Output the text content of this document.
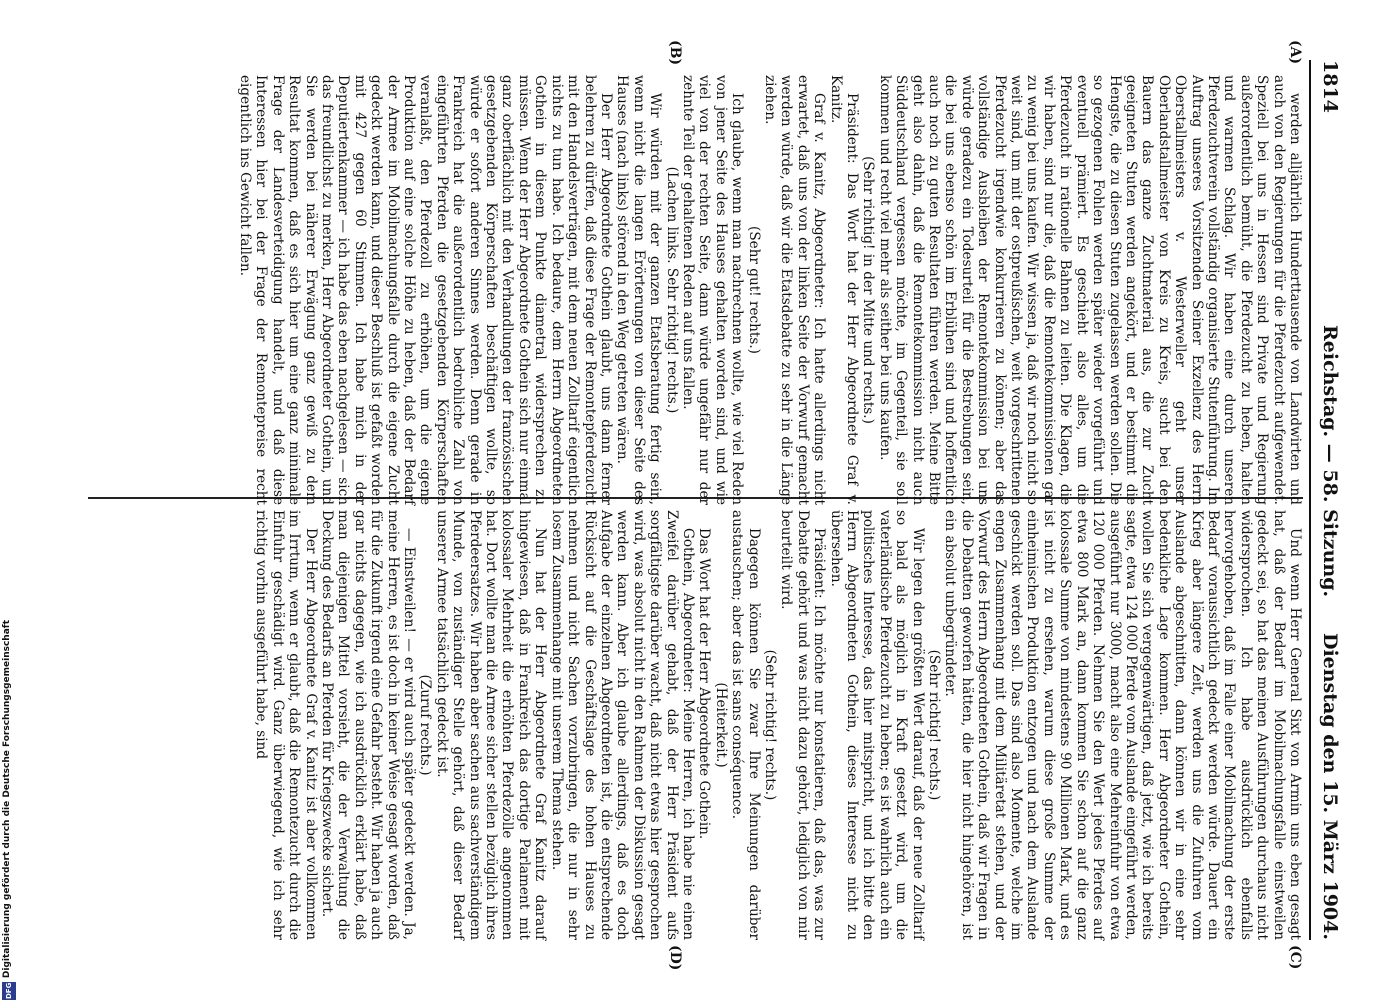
1814
Reichstag. — 58. Sitzung.
Dienstag den 15. März 1904.
(A)
(B)
(C)
(D)

werden alljährlich Hunderttausende von Landwirten und auch von den Regierungen für die Pferdezucht aufgewendet. Speziell bei uns in Hessen sind Private und Regierung außerordentlich bemüht, die Pferdezucht zu heben, halten und warmen Schlag. Wir haben eine durch unseren Pferdezuchtverein vollständig organisierte Stutenführung. Im Auftrag unseres Vorsitzenden Seiner Exzellenz des Herrn Oberstallmeisters v. Westerweller geht unser Oberlandstallmeister von Kreis zu Kreis, sucht bei den Bauern das ganze Zuchtmaterial aus, die zur Zucht geeigneten Stuten werden angekört, und er bestimmt die Hengste, die zu diesen Stuten zugelassen werden sollen. Die so gezogenen Fohlen werden später wieder vorgeführt und eventuell prämiert. Es geschieht also alles, um die Pferdezucht in rationelle Bahnen zu leiten. Die Klagen, die wir haben, sind nur die, daß die Remontekommissionen gar zu wenig bei uns kaufen. Wir wissen ja, daß wir noch nicht so weit sind, um mit der ostpreußischen, weit vorgeschrittenen Pferdezucht irgendwie konkurrieren zu können; aber das vollständige Ausbleiben der Remontekommission bei uns würde geradezu ein Todesurteil für die Bestrebungen sein, die bei uns ebenso schön im Erblühen sind und hoffentlich auch noch zu guten Resultaten führen werden. Meine Bitte geht also dahin, daß die Remontekommission nicht auch Süddeutschland vergessen möchte, im Gegenteil, sie soll kommen und recht viel mehr als seither bei uns kaufen.

(Sehr richtig! in der Mitte und rechts.)

Präsident: Das Wort hat der Herr Abgeordnete Graf v. Kanitz.

Graf v. Kanitz, Abgeordneter: Ich hatte allerdings nicht erwartet, daß uns von der linken Seite der Vorwurf gemacht werden würde, daß wir die Etatsdebatte zu sehr in die Länge ziehen.

(Sehr gut! rechts.)

Ich glaube, wenn man nachrechnen wollte, wie viel Reden von jener Seite des Hauses gehalten worden sind, und wie viel von der rechten Seite, dann würde ungefähr nur der zehnte Teil der gehaltenen Reden auf uns fallen.

(Lachen links. Sehr richtig! rechts.)

Wir würden mit der ganzen Etatsberatung fertig sein, wenn nicht die langen Erörterungen von dieser Seite des Hauses (nach links) störend in den Weg getreten wären.

Der Herr Abgeordnete Gothein glaubt, uns dann ferner belehren zu dürfen, daß diese Frage der Remontepferdezucht mit den Handelsverträgen, mit dem neuen Zolltarif eigentlich nichts zu tun habe. Ich bedaure, dem Herrn Abgeordneten Gothein in diesem Punkte diametral widersprechen zu müssen. Wenn der Herr Abgeordnete Gothein sich nur einmal ganz oberflächlich mit den Verhandlungen der französischen gesetzgebenden Körperschaften beschäftigen wollte, so würde er sofort anderen Sinnes werden. Denn gerade in Frankreich hat die außerordentlich bedrohliche Zahl von eingeführten Pferden die gesetzgebenden Körperschaften veranlaßt, den Pferdezoll zu erhöhen, um die eigene Produktion auf eine solche Höhe zu heben, daß der Bedarf der Armee im Mobilmachungsfalle durch die eigene Zucht gedeckt werden kann, und dieser Beschluß ist gefaßt worden mit 427 gegen 60 Stimmen. Ich habe mich in der Deputiertenkammer — ich habe das eben nachgelesen — sich das freundlichst zu merken, Herr Abgeordneter Gothein, und Sie werden bei näherer Erwägung ganz gewiß zu dem Resultat kommen, daß es sich hier um eine ganz minimale Frage der Landesverteidigung handelt, und daß diese Interessen hier bei der Frage der Remontepreise recht eigentlich ins Gewicht fallen.

Und wenn Herr General Sixt von Armin uns eben gesagt hat, daß der Bedarf im Mobilmachungsfalle einstweilen gedeckt sei, so hat das meinen Ausführungen durchaus nicht widersprochen. Ich habe ausdrücklich ebenfalls hervorgehoben, daß im Falle einer Mobilmachung der erste Bedarf voraussichtlich gedeckt werden würde. Dauert ein Krieg aber längere Zeit, werden uns die Zufuhren vom Auslande abgeschnitten, dann können wir in eine sehr bedenkliche Lage kommen. Herr Abgeordneter Gothein, wollen Sie sich vergegenwärtigen, daß jetzt, wie ich bereits sagte, etwa 124 000 Pferde vom Auslande eingeführt werden, ausgeführt nur 3000, macht also eine Mehreinfuhr von etwa 120 000 Pferden. Nehmen Sie den Wert jedes Pferdes auf etwa 800 Mark an, dann kommen Sie schon auf die ganz kolossale Summe von mindestens 90 Millionen Mark, und es ist nicht zu ersehen, warum diese große Summe der einheimischen Produktion entzogen und nach dem Auslande geschickt werden soll. Das sind also Momente, welche im engen Zusammenhang mit dem Militäretat stehen, und der Vorwurf des Herrn Abgeordneten Gothein, daß wir Fragen in die Debatten geworfen hätten, die hier nicht hingehören, ist ein absolut unbegründeter.

(Sehr richtig! rechts.)

Wir legen den größten Wert darauf, daß der neue Zolltarif so bald als möglich in Kraft gesetzt wird, um die vaterländische Pferdezucht zu heben; es ist wahrlich auch ein politisches Interesse, das hier mitspricht, und ich bitte den Herrn Abgeordneten Gothein, dieses Interesse nicht zu übersehen.

Präsident: Ich möchte nur konstatieren, daß das, was zur Debatte gehört und was nicht dazu gehört, lediglich von mir beurteilt wird.

(Sehr richtig! rechts.)

Dagegen können Sie zwar Ihre Meinungen darüber austauschen; aber das ist sans conséquence.

(Heiterkeit.)

Das Wort hat der Herr Abgeordnete Gothein.

Gothein, Abgeordneter: Meine Herren, ich habe nie einen Zweifel darüber gehabt, daß der Herr Präsident aufs sorgfältigste darüber wacht, daß nicht etwas hier gesprochen wird, was absolut nicht in den Rahmen der Diskussion gesagt werden kann. Aber ich glaube allerdings, daß es doch Aufgabe der einzelnen Abgeordneten ist, die entsprechende Rücksicht auf die Geschäftslage des hohen Hauses zu nehmen und nicht Sachen vorzubringen, die nur in sehr losem Zusammenhange mit unserem Thema stehen.

Nun hat der Herr Abgeordnete Graf Kanitz darauf hingewiesen, daß in Frankreich das dortige Parlament mit kolossaler Mehrheit die erhöhten Pferdezölle angenommen hat. Dort wollte man die Armee sicher stellen bezüglich ihres Pferdeersatzes. Wir haben aber sachen aus sachverständigem Munde, von zuständiger Stelle gehört, daß dieser Bedarf unserer Armee tatsächlich gedeckt ist.

(Zuruf rechts.)

— Einstweilen! — er wird auch später gedeckt werden. Ja, meine Herren, es ist doch in keiner Weise gesagt worden, daß für die Zukunft irgend eine Gefahr besteht. Wir haben ja auch gar nichts dagegen, wie ich ausdrücklich erklärt habe, daß man diejenigen Mittel vorsieht, die der Verwaltung die Deckung des Bedarfs an Pferden für Kriegszwecke sichert.

Der Herr Abgeordnete Graf v. Kanitz ist aber vollkommen im Irrtum, wenn er glaubt, daß die Remontezucht durch die Einfuhr geschädigt wird. Ganz überwiegend, wie ich sehr richtig vorhin ausgeführt habe, sind

Digitalisierung gefördert durch die Deutsche Forschungsgemeinschaft
DFG
